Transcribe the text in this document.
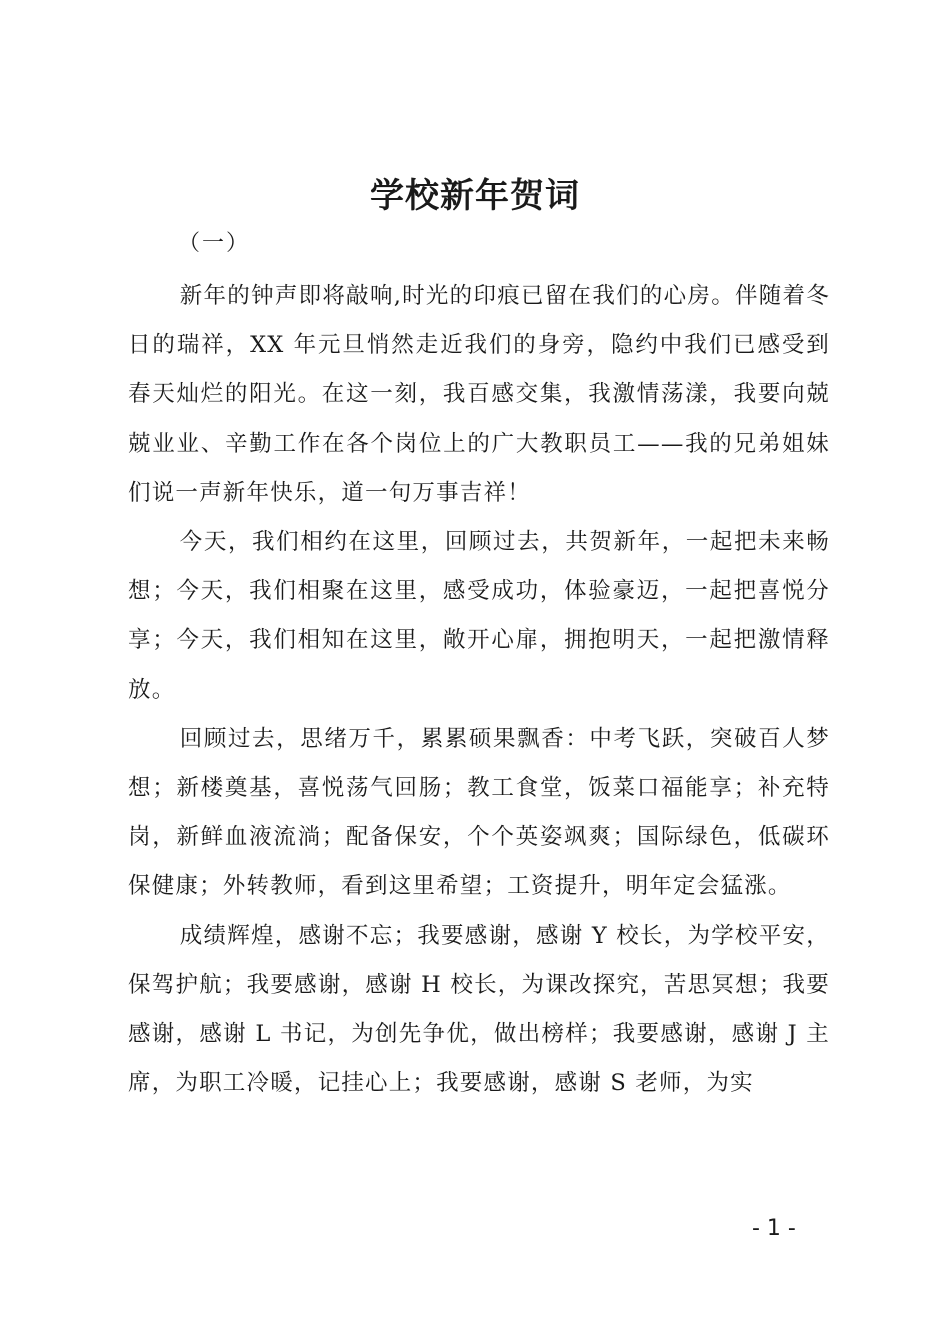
学校新年贺词
（一）

新年的钟声即将敲响,时光的印痕已留在我们的心房。伴随着冬日的瑞祥，XX 年元旦悄然走近我们的身旁，隐约中我们已感受到春天灿烂的阳光。在这一刻，我百感交集，我激情荡漾，我要向兢兢业业、辛勤工作在各个岗位上的广大教职员工——我的兄弟姐妹们说一声新年快乐，道一句万事吉祥！

今天，我们相约在这里，回顾过去，共贺新年，一起把未来畅想；今天，我们相聚在这里，感受成功，体验豪迈，一起把喜悦分享；今天，我们相知在这里，敞开心扉，拥抱明天，一起把激情释放。

回顾过去，思绪万千，累累硕果飘香：中考飞跃，突破百人梦想；新楼奠基，喜悦荡气回肠；教工食堂，饭菜口福能享；补充特岗，新鲜血液流淌；配备保安，个个英姿飒爽；国际绿色，低碳环保健康；外转教师，看到这里希望；工资提升，明年定会猛涨。

成绩辉煌，感谢不忘；我要感谢，感谢 Y 校长，为学校平安，保驾护航；我要感谢，感谢 H 校长，为课改探究，苦思冥想；我要感谢，感谢 L 书记，为创先争优，做出榜样；我要感谢，感谢 J 主席，为职工冷暖，记挂心上；我要感谢，感谢 S 老师，为实

- 1 -
